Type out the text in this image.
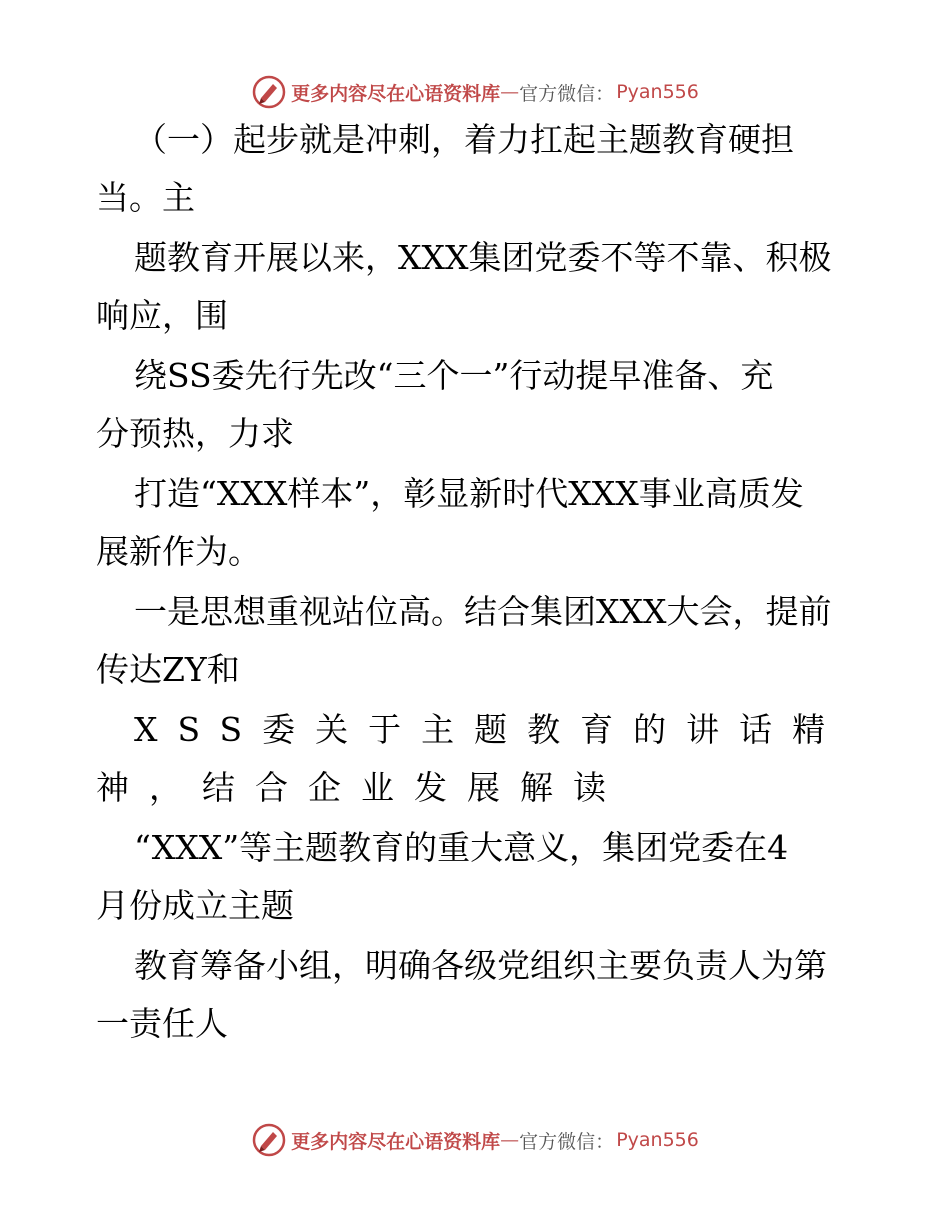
更多内容尽在心语资料库 — 官方微信： Pyan556
（一）起步就是冲刺，着力扛起主题教育硬担
当。主
题教育开展以来，XXX集团党委不等不靠、积极
响应，围
绕SS委先行先改“三个一”行动提早准备、充
分预热，力求
打造“XXX样本”，彰显新时代XXX事业高质发
展新作为。
一是思想重视站位高。结合集团XXX大会，提前
传达ZY和
XSS委关于主题教育的讲话精
神，结合企业发展解读
“XXX”等主题教育的重大意义，集团党委在4
月份成立主题
教育筹备小组，明确各级党组织主要负责人为第
一责任人
更多内容尽在心语资料库 — 官方微信： Pyan556
